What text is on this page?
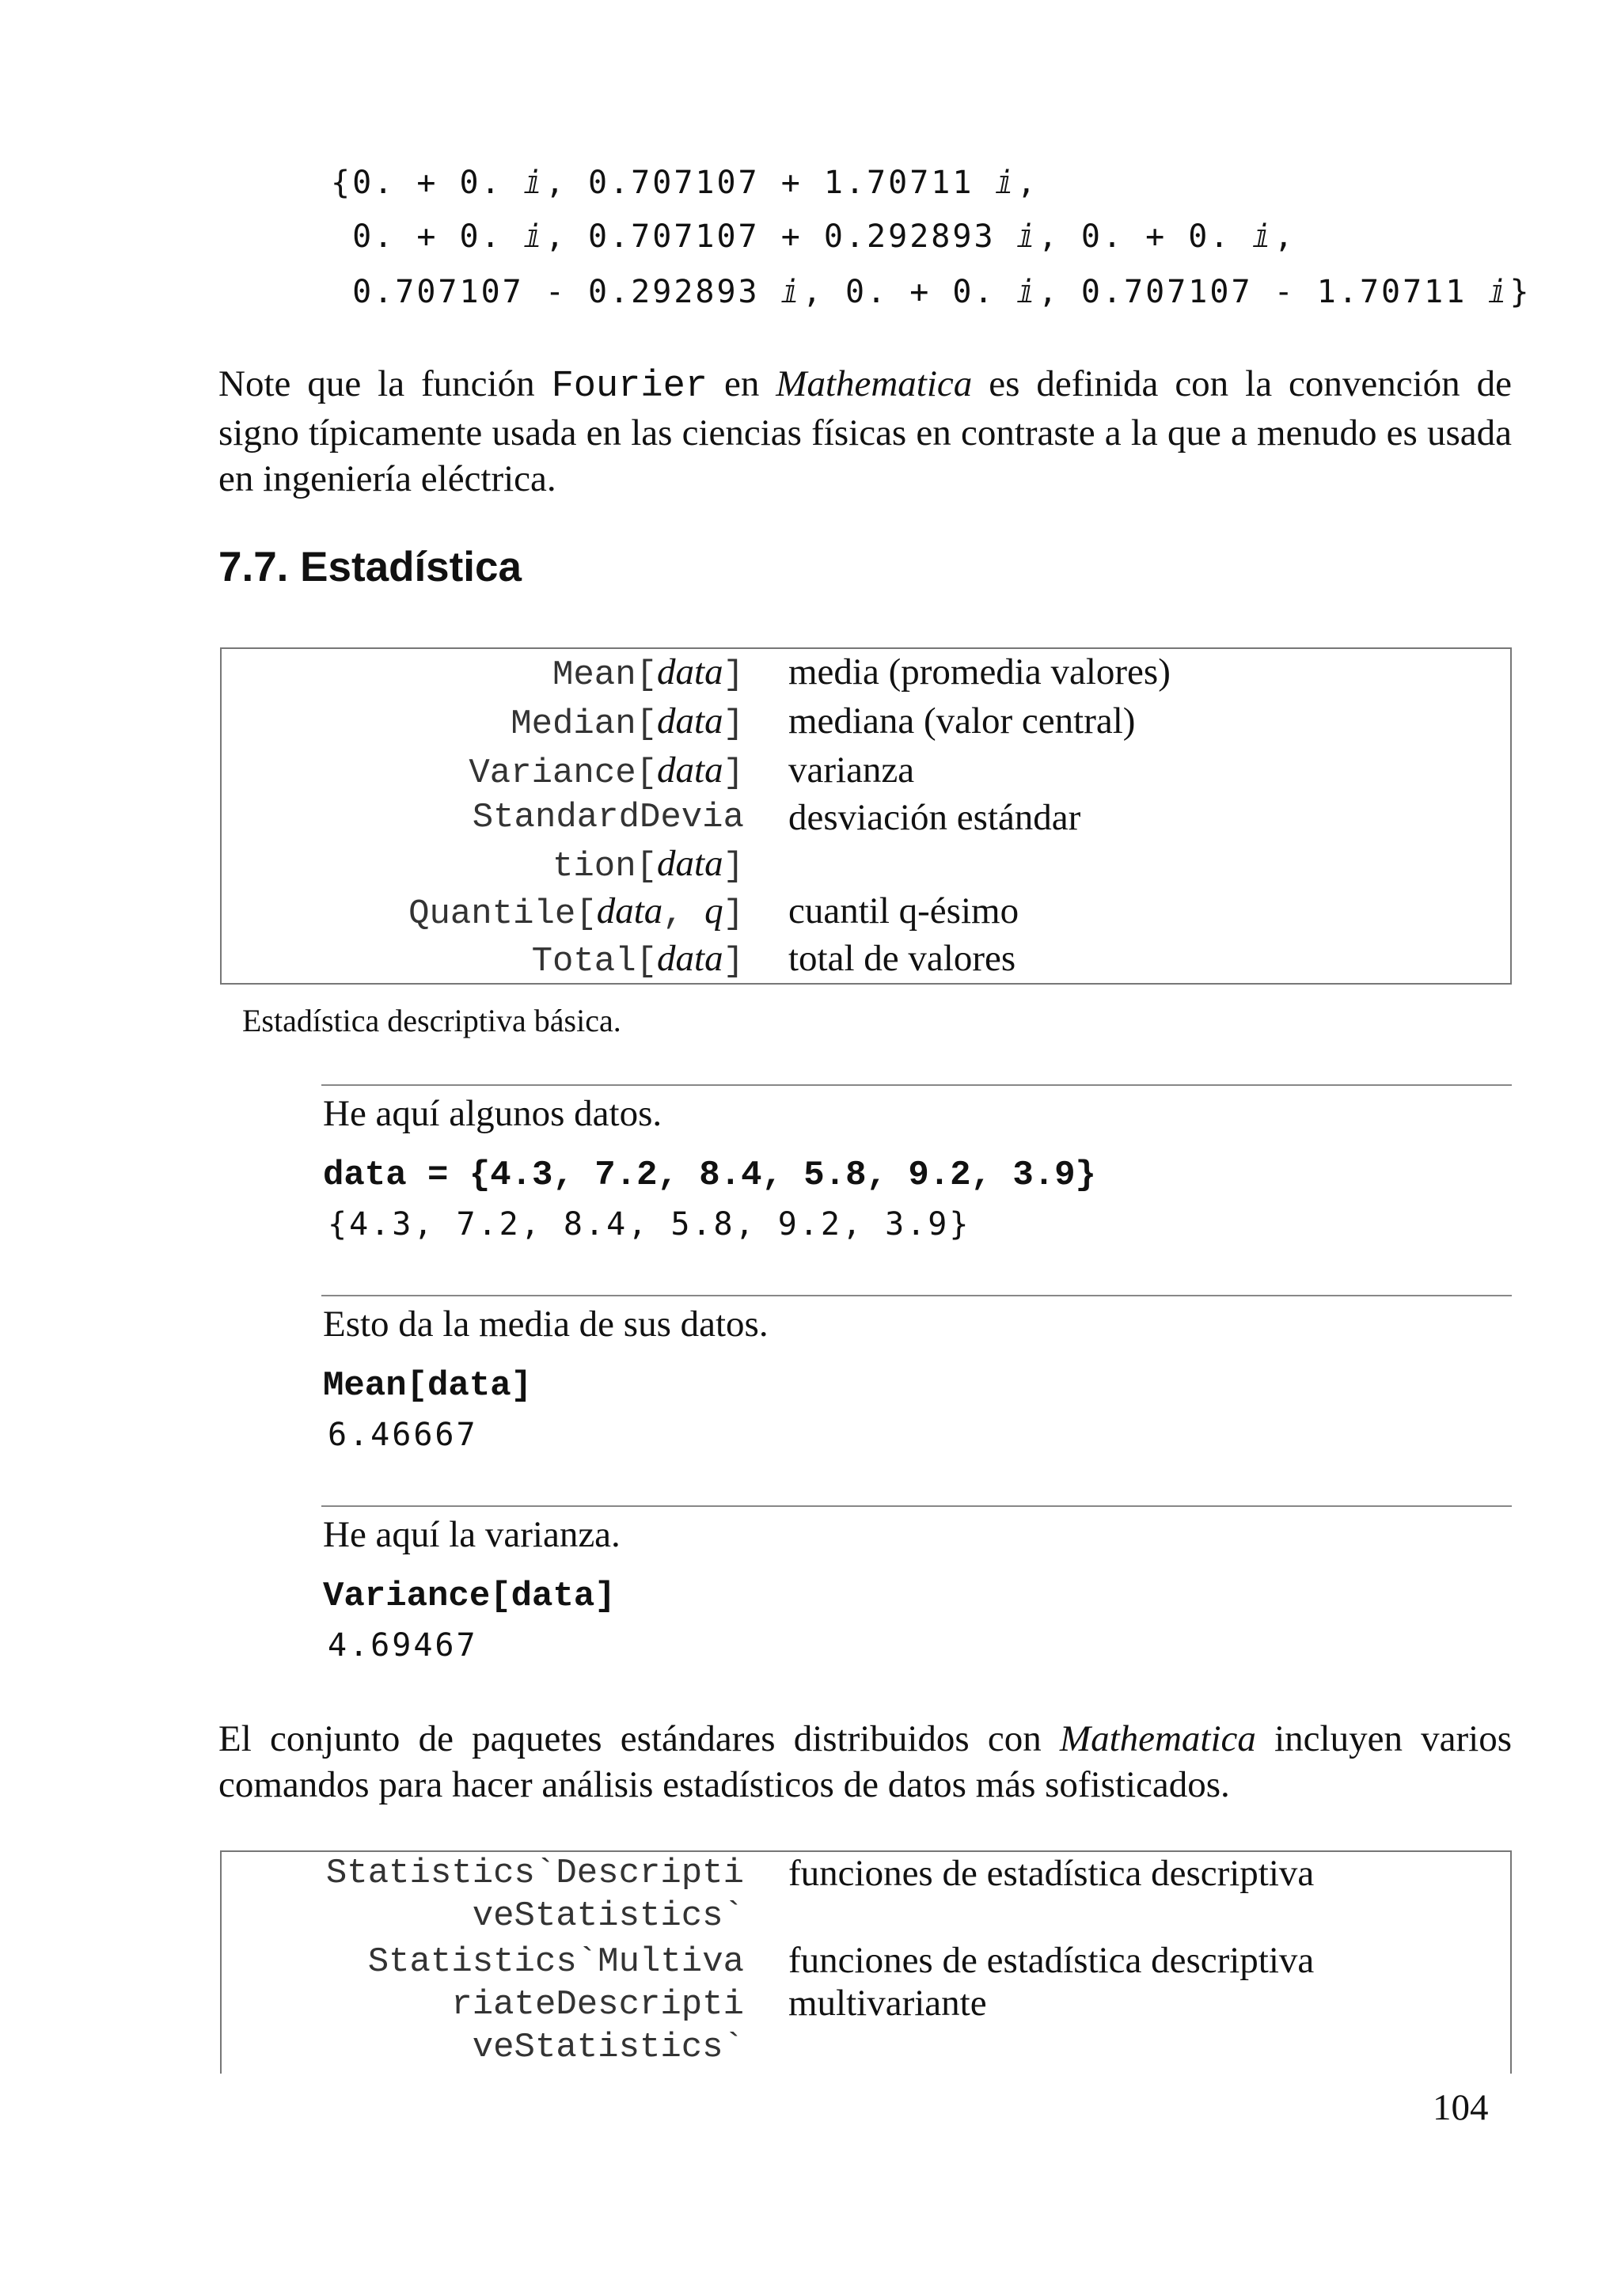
{0. + 0. ⅈ, 0.707107 + 1.70711 ⅈ,
0. + 0. ⅈ, 0.707107 + 0.292893 ⅈ, 0. + 0. ⅈ,
0.707107 - 0.292893 ⅈ, 0. + 0. ⅈ, 0.707107 - 1.70711 ⅈ}
Note que la función Fourier en Mathematica es definida con la convención de signo típicamente usada en las ciencias físicas en contraste a la que a menudo es usada en ingeniería eléctrica.
7.7. Estadística
Mean[data]
Median[data]
Variance[data]
StandardDevia
tion[data]
Quantile[data, q]
Total[data]
media (promedia valores)
mediana (valor central)
varianza
desviación estándar
cuantil q-ésimo
total de valores
Estadística descriptiva básica.
He aquí algunos datos.
data = {4.3, 7.2, 8.4, 5.8, 9.2, 3.9}
{4.3, 7.2, 8.4, 5.8, 9.2, 3.9}
Esto da la media de sus datos.
Mean[data]
6.46667
He aquí la varianza.
Variance[data]
4.69467
El conjunto de paquetes estándares distribuidos con Mathematica incluyen varios comandos para hacer análisis estadísticos de datos más sofisticados.
Statistics`Descripti
veStatistics`
Statistics`Multiva
riateDescripti
veStatistics`
funciones de estadística descriptiva
funciones de estadística descriptiva multivariante
104
